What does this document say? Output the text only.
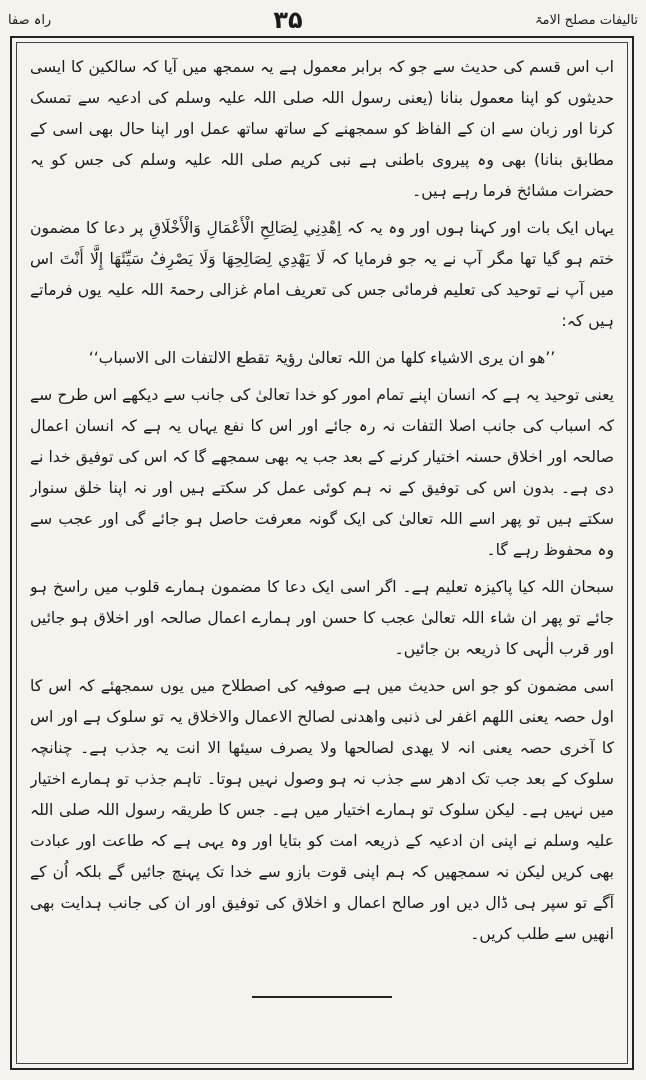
راہ صفا	۳۵	تالیفات مصلح الامۃ

اب اس قسم کی حدیث سے جو کہ برابر معمول ہے یہ سمجھ میں آیا کہ سالکین کا ایسی حدیثوں کو اپنا معمول بنانا (یعنی رسول اللہ صلی اللہ علیہ وسلم کی ادعیہ سے تمسک کرنا اور زبان سے ان کے الفاظ کو سمجھنے کے ساتھ ساتھ عمل اور اپنا حال بھی اسی کے مطابق بنانا) بھی وہ پیروی باطنی ہے نبی کریم صلی اللہ علیہ وسلم کی جس کو یہ حضرات مشائخ فرما رہے ہیں۔

یہاں ایک بات اور کہنا ہوں اور وہ یہ کہ اِهْدِنِي لِصَالِحِ الْأَعْمَالِ وَالْأَخْلَاقِ پر دعا کا مضمون ختم ہو گیا تھا مگر آپ نے یہ جو فرمایا کہ لَا يَهْدِي لِصَالِحِهَا وَلَا يَصْرِفُ سَيِّئَهَا إِلَّا أَنْتَ اس میں آپ نے توحید کی تعلیم فرمائی جس کی تعریف امام غزالی رحمۃ اللہ علیہ یوں فرماتے ہیں کہ:

’’ھو ان یری الاشیاء کلھا من اللہ تعالیٰ رؤیۃ تقطع الالتفات الی الاسباب‘‘

یعنی توحید یہ ہے کہ انسان اپنے تمام امور کو خدا تعالیٰ کی جانب سے دیکھے اس طرح سے کہ اسباب کی جانب اصلا التفات نہ رہ جائے اور اس کا نفع یہاں یہ ہے کہ انسان اعمال صالحہ اور اخلاق حسنہ اختیار کرنے کے بعد جب یہ بھی سمجھے گا کہ اس کی توفیق خدا نے دی ہے۔ بدون اس کی توفیق کے نہ ہم کوئی عمل کر سکتے ہیں اور نہ اپنا خلق سنوار سکتے ہیں تو پھر اسے اللہ تعالیٰ کی ایک گونہ معرفت حاصل ہو جائے گی اور عجب سے وہ محفوظ رہے گا۔

سبحان اللہ کیا پاکیزہ تعلیم ہے۔ اگر اسی ایک دعا کا مضمون ہمارے قلوب میں راسخ ہو جائے تو پھر ان شاء اللہ تعالیٰ عجب کا حسن اور ہمارے اعمال صالحہ اور اخلاق ہو جائیں اور قرب الٰہی کا ذریعہ بن جائیں۔

اسی مضمون کو جو اس حدیث میں ہے صوفیہ کی اصطلاح میں یوں سمجھئے کہ اس کا اول حصہ یعنی اللھم اغفر لی ذنبی واھدنی لصالح الاعمال والاخلاق یہ تو سلوک ہے اور اس کا آخری حصہ یعنی انہ لا یھدی لصالحھا ولا یصرف سیئھا الا انت یہ جذب ہے۔ چنانچہ سلوک کے بعد جب تک ادھر سے جذب نہ ہو وصول نہیں ہوتا۔ تاہم جذب تو ہمارے اختیار میں نہیں ہے۔ لیکن سلوک تو ہمارے اختیار میں ہے۔ جس کا طریقہ رسول اللہ صلی اللہ علیہ وسلم نے اپنی ان ادعیہ کے ذریعہ امت کو بتایا اور وہ یہی ہے کہ طاعت اور عبادت بھی کریں لیکن نہ سمجھیں کہ ہم اپنی قوت بازو سے خدا تک پہنچ جائیں گے بلکہ اُن کے آگے تو سپر ہی ڈال دیں اور صالح اعمال و اخلاق کی توفیق اور ان کی جانب ہدایت بھی انھیں سے طلب کریں۔
